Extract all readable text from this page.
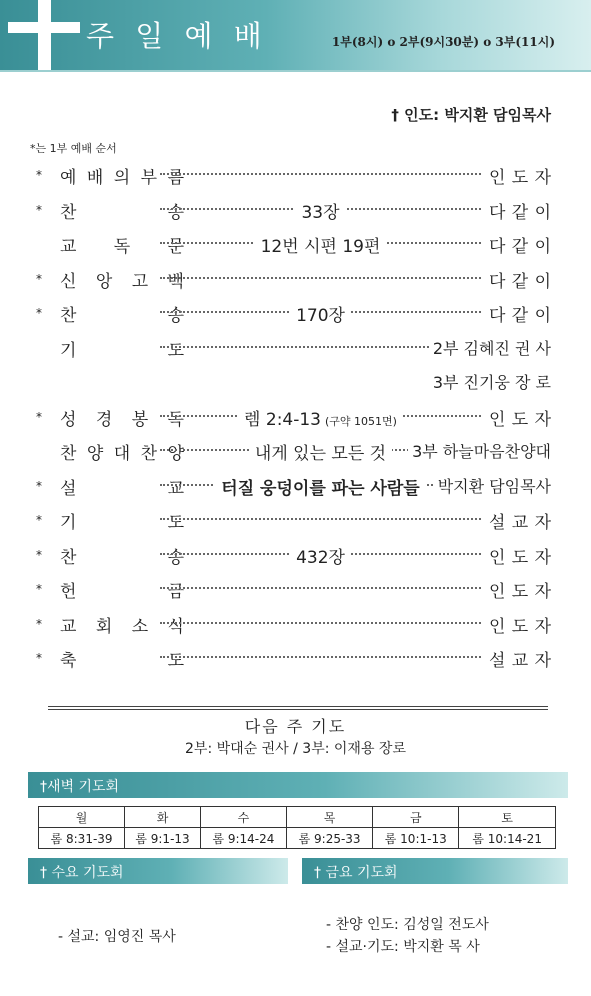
주 일 예 배	1부(8시) o 2부(9시30분) o 3부(11시)
† 인도: 박지환 담임목사
*는 1부 예배 순서
* 예 배 의 부 름	인 도 자
* 찬	송	33장	다 같 이
교 독 문	12번 시편 19편	다 같 이
* 신 앙 고 백	다 같 이
* 찬	송	170장	다 같 이
기	도	2부 김혜진 권 사
3부 진기웅 장 로
* 성 경 봉 독	렘 2:4-13 (구약 1051면)	인 도 자
찬 양 대 찬 양	내게 있는 모든 것	3부 하늘마음찬양대
* 설	교	터질 웅덩이를 파는 사람들	박지환 담임목사
* 기	도	설 교 자
* 찬	송	432장	인 도 자
* 헌	금	인 도 자
* 교 회 소 식	인 도 자
* 축	도	설 교 자
다음 주 기도
2부: 박대순 권사 / 3부: 이재용 장로
†새벽 기도회
월	화	수	목	금	토
롬 8:31-39	롬 9:1-13	롬 9:14-24	롬 9:25-33	롬 10:1-13	롬 10:14-21
† 수요 기도회	† 금요 기도회
- 설교: 임영진 목사
- 찬양 인도: 김성일 전도사
- 설교·기도: 박지환 목 사
